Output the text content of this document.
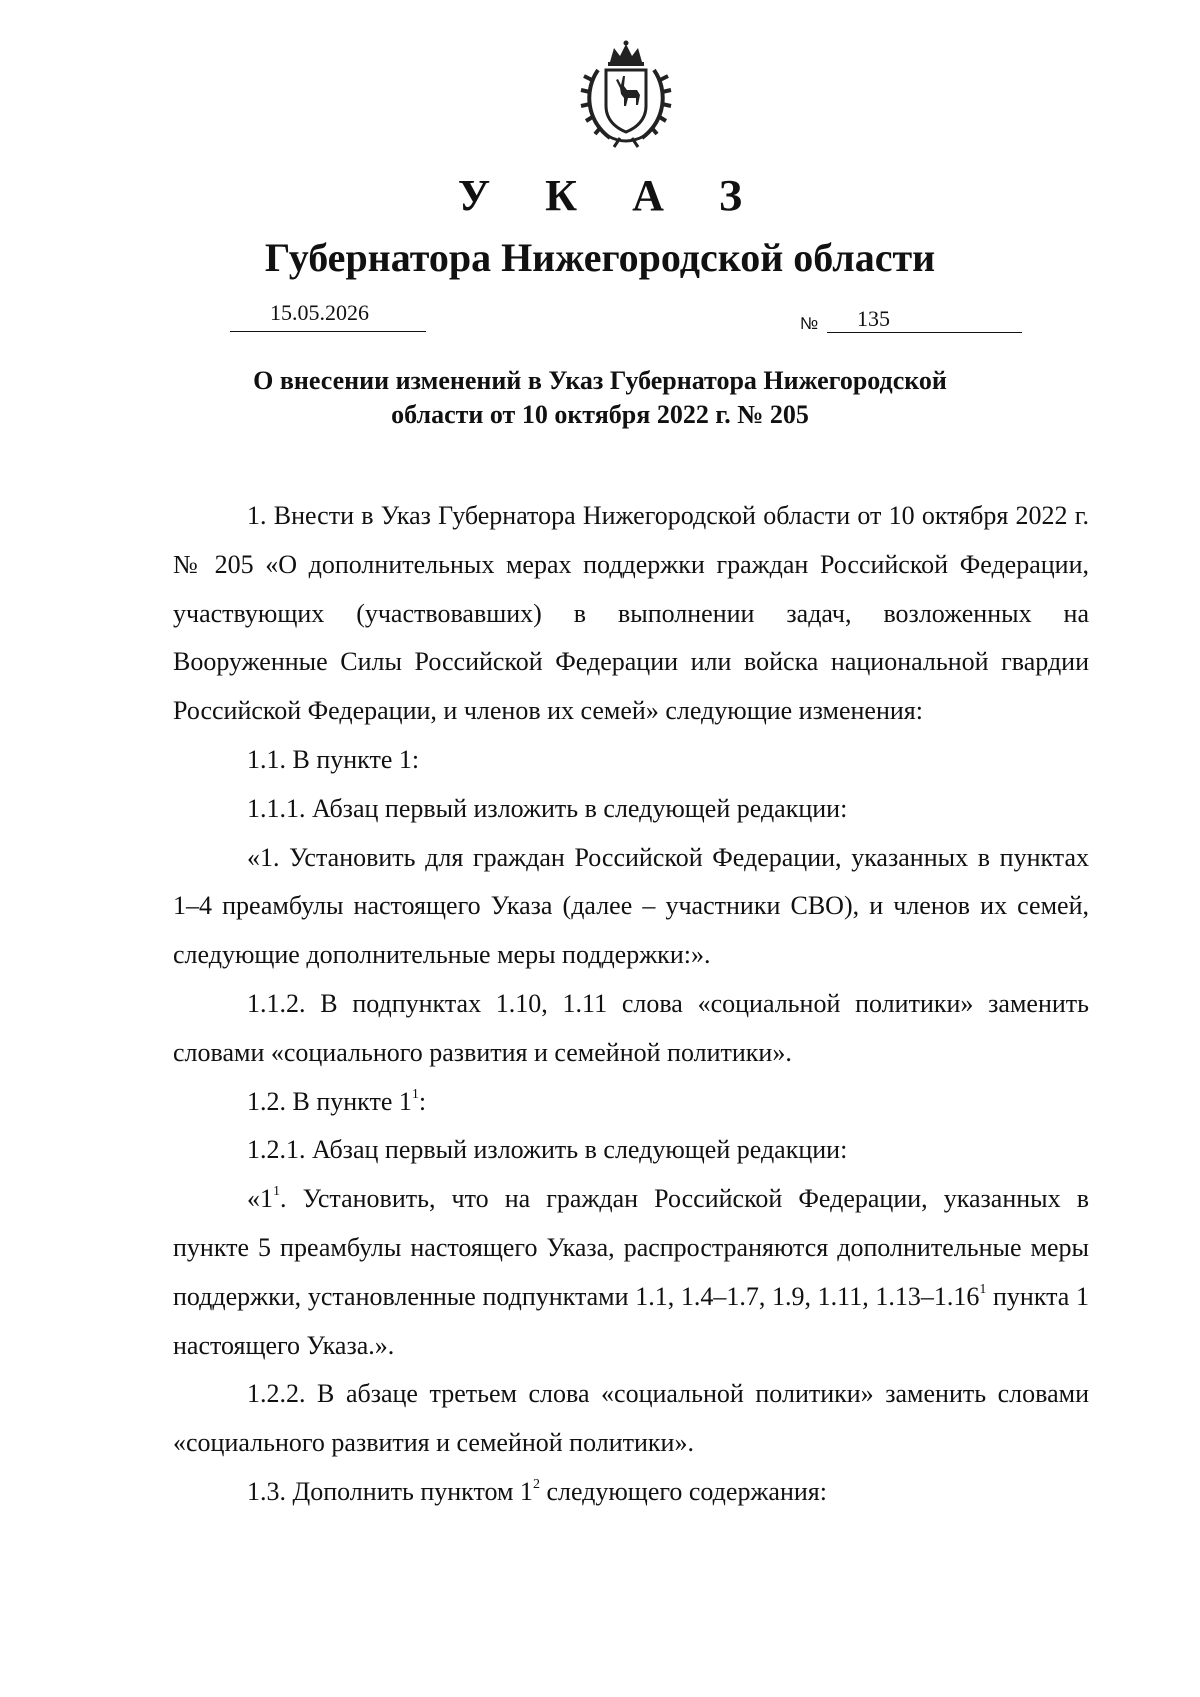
У К А З
Губернатора Нижегородской области
15.05.2026	№	135
О внесении изменений в Указ Губернатора Нижегородской
области от 10 октября 2022 г. № 205

1. Внести в Указ Губернатора Нижегородской области от 10 октября 2022 г. № 205 «О дополнительных мерах поддержки граждан Российской Федерации, участвующих (участвовавших) в выполнении задач, возложенных на Вооруженные Силы Российской Федерации или войска национальной гвардии Российской Федерации, и членов их семей» следующие изменения:

1.1. В пункте 1:

1.1.1. Абзац первый изложить в следующей редакции:

«1. Установить для граждан Российской Федерации, указанных в пунктах 1–4 преамбулы настоящего Указа (далее – участники СВО), и членов их семей, следующие дополнительные меры поддержки:».

1.1.2. В подпунктах 1.10, 1.11 слова «социальной политики» заменить словами «социального развития и семейной политики».

1.2. В пункте $1^1$:

1.2.1. Абзац первый изложить в следующей редакции:

«$1^1$. Установить, что на граждан Российской Федерации, указанных в пункте 5 преамбулы настоящего Указа, распространяются дополнительные меры поддержки, установленные подпунктами 1.1, 1.4–1.7, 1.9, 1.11, 1.13–1.16$^1$ пункта 1 настоящего Указа.».

1.2.2. В абзаце третьем слова «социальной политики» заменить словами «социального развития и семейной политики».

1.3. Дополнить пунктом $1^2$ следующего содержания:
